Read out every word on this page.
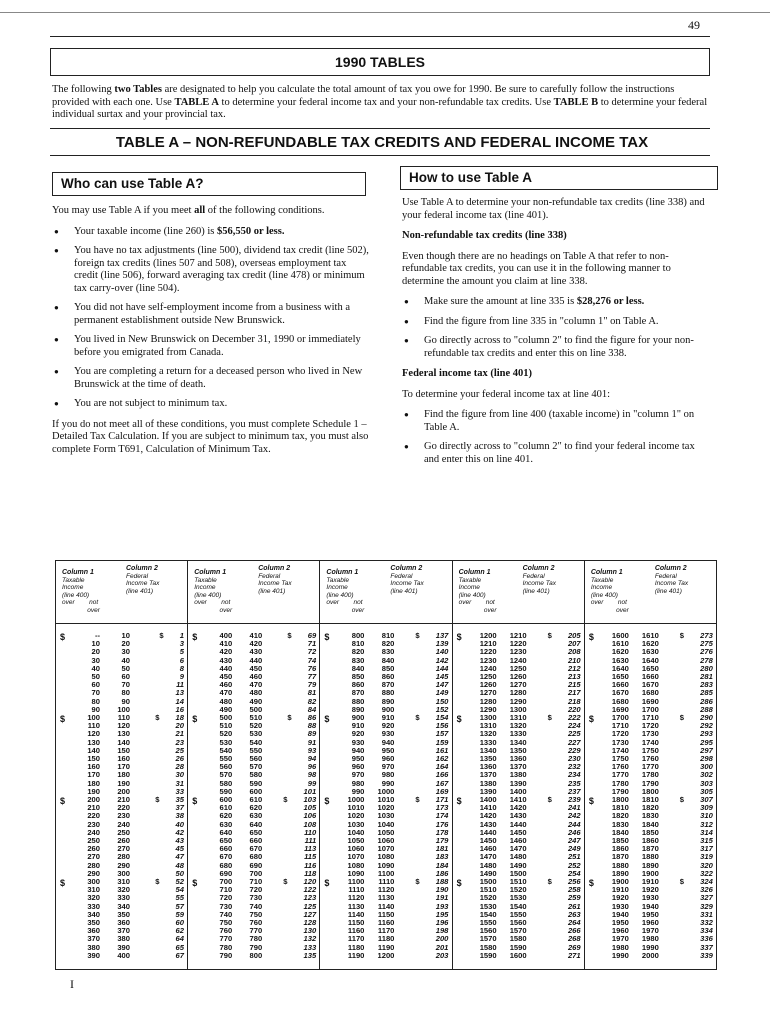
49
1990 TABLES
The following two Tables are designated to help you calculate the total amount of tax you owe for 1990. Be sure to carefully follow the instructions provided with each one. Use TABLE A to determine your federal income tax and your non-refundable tax credits. Use TABLE B to determine your federal individual surtax and your provincial tax.
TABLE A – NON-REFUNDABLE TAX CREDITS AND FEDERAL INCOME TAX
Who can use Table A?	How to use Table A

You may use Table A if you meet all of the following conditions.

● Your taxable income (line 260) is $56,550 or less.
● You have no tax adjustments (line 500), dividend tax credit (line 502), foreign tax credits (lines 507 and 508), overseas employment tax credit (line 506), forward averaging tax credit (line 478) or minimum tax carry-over (line 504).
● You did not have self-employment income from a business with a permanent establishment outside New Brunswick.
● You lived in New Brunswick on December 31, 1990 or immediately before you emigrated from Canada.
● You are completing a return for a deceased person who lived in New Brunswick at the time of death.
● You are not subject to minimum tax.

If you do not meet all of these conditions, you must complete Schedule 1 – Detailed Tax Calculation. If you are subject to minimum tax, you must also complete Form T691, Calculation of Minimum Tax.

Use Table A to determine your non-refundable tax credits (line 338) and your federal income tax (line 401).

Non-refundable tax credits (line 338)

Even though there are no headings on Table A that refer to non-refundable tax credits, you can use it in the following manner to determine the amount you claim at line 338.

● Make sure the amount at line 335 is $28,276 or less.
● Find the figure from line 335 in "column 1" on Table A.
● Go directly across to "column 2" to find the figure for your non-refundable tax credits and enter this on line 338.

Federal income tax (line 401)

To determine your federal income tax at line 401:

● Find the figure from line 400 (taxable income) in "column 1" on Table A.
● Go directly across to "column 2" to find your federal income tax and enter this on line 401.
Column 1
Taxable
Income
(line 400)
over        not
over
Column 2
Federal
Income Tax
(line 401)
$	--	10	$ 1
10	20	3
20	30	5
30	40	6
40	50	8
50	60	9
60	70	11
70	80	13
80	90	14
90	100	16
$	100	110	$ 18
110	120	20
120	130	21
130	140	23
140	150	25
150	160	26
160	170	28
170	180	30
180	190	31
190	200	33
$	200	210	$ 35
210	220	37
220	230	38
230	240	40
240	250	42
250	260	43
260	270	45
270	280	47
280	290	48
290	300	50
$	300	310	$ 52
310	320	54
320	330	55
330	340	57
340	350	59
350	360	60
360	370	62
370	380	64
380	390	65
390	400	67
Column 1
Taxable
Income
(line 400)
over        not
over
Column 2
Federal
Income Tax
(line 401)
$	400	410	$ 69
410	420	71
420	430	72
430	440	74
440	450	76
450	460	77
460	470	79
470	480	81
480	490	82
490	500	84
$	500	510	$ 86
510	520	88
520	530	89
530	540	91
540	550	93
550	560	94
560	570	96
570	580	98
580	590	99
590	600	101
$	600	610	$ 103
610	620	105
620	630	106
630	640	108
640	650	110
650	660	111
660	670	113
670	680	115
680	690	116
690	700	118
$	700	710	$ 120
710	720	122
720	730	123
730	740	125
740	750	127
750	760	128
760	770	130
770	780	132
780	790	133
790	800	135
Column 1
Taxable
Income
(line 400)
over        not
over
Column 2
Federal
Income Tax
(line 401)
$	800	810	$ 137
810	820	139
820	830	140
830	840	142
840	850	144
850	860	145
860	870	147
870	880	149
880	890	150
890	900	152
$	900	910	$ 154
910	920	156
920	930	157
930	940	159
940	950	161
950	960	162
960	970	164
970	980	166
980	990	167
990	1000	169
$	1000	1010	$ 171
1010	1020	173
1020	1030	174
1030	1040	176
1040	1050	178
1050	1060	179
1060	1070	181
1070	1080	183
1080	1090	184
1090	1100	186
$	1100	1110	$ 188
1110	1120	190
1120	1130	191
1130	1140	193
1140	1150	195
1150	1160	196
1160	1170	198
1170	1180	200
1180	1190	201
1190	1200	203
Column 1
Taxable
Income
(line 400)
over        not
over
Column 2
Federal
Income Tax
(line 401)
$	1200	1210	$ 205
1210	1220	207
1220	1230	208
1230	1240	210
1240	1250	212
1250	1260	213
1260	1270	215
1270	1280	217
1280	1290	218
1290	1300	220
$	1300	1310	$ 222
1310	1320	224
1320	1330	225
1330	1340	227
1340	1350	229
1350	1360	230
1360	1370	232
1370	1380	234
1380	1390	235
1390	1400	237
$	1400	1410	$ 239
1410	1420	241
1420	1430	242
1430	1440	244
1440	1450	246
1450	1460	247
1460	1470	249
1470	1480	251
1480	1490	252
1490	1500	254
$	1500	1510	$ 256
1510	1520	258
1520	1530	259
1530	1540	261
1540	1550	263
1550	1560	264
1560	1570	266
1570	1580	268
1580	1590	269
1590	1600	271
Column 1
Taxable
Income
(line 400)
over        not
over
Column 2
Federal
Income Tax
(line 401)
$	1600	1610	$ 273
1610	1620	275
1620	1630	276
1630	1640	278
1640	1650	280
1650	1660	281
1660	1670	283
1670	1680	285
1680	1690	286
1690	1700	288
$	1700	1710	$ 290
1710	1720	292
1720	1730	293
1730	1740	295
1740	1750	297
1750	1760	298
1760	1770	300
1770	1780	302
1780	1790	303
1790	1800	305
$	1800	1810	$ 307
1810	1820	309
1820	1830	310
1830	1840	312
1840	1850	314
1850	1860	315
1860	1870	317
1870	1880	319
1880	1890	320
1890	1900	322
$	1900	1910	$ 324
1910	1920	326
1920	1930	327
1930	1940	329
1940	1950	331
1950	1960	332
1960	1970	334
1970	1980	336
1980	1990	337
1990	2000	339
I
